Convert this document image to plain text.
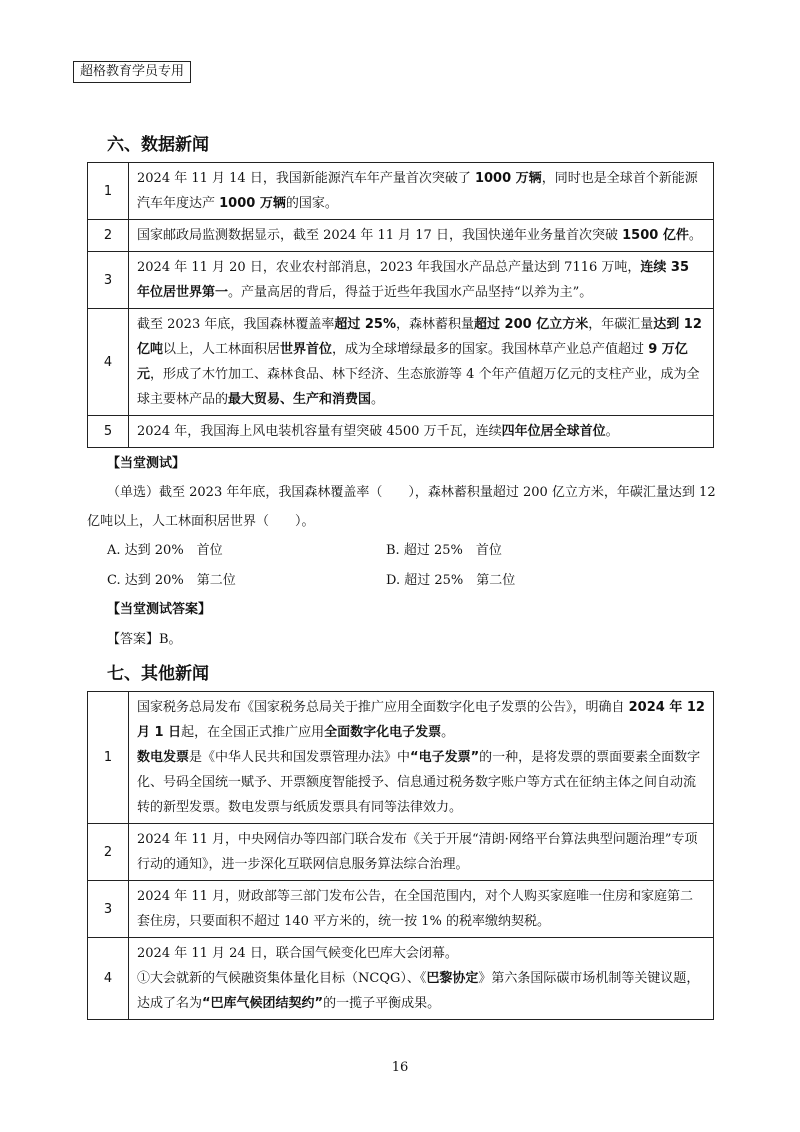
超格教育学员专用
六、数据新闻
1	2024 年 11 月 14 日，我国新能源汽车年产量首次突破了 1000 万辆，同时也是全球首个新能源汽车年度达产 1000 万辆的国家。

2	国家邮政局监测数据显示，截至 2024 年 11 月 17 日，我国快递年业务量首次突破 1500 亿件。

3	2024 年 11 月 20 日，农业农村部消息，2023 年我国水产品总产量达到 7116 万吨，连续 35 年位居世界第一。产量高居的背后，得益于近些年我国水产品坚持“以养为主”。

4	截至 2023 年底，我国森林覆盖率超过 25%，森林蓄积量超过 200 亿立方米，年碳汇量达到 12 亿吨以上，人工林面积居世界首位，成为全球增绿最多的国家。我国林草产业总产值超过 9 万亿元，形成了木竹加工、森林食品、林下经济、生态旅游等 4 个年产值超万亿元的支柱产业，成为全球主要林产品的最大贸易、生产和消费国。

5	2024 年，我国海上风电装机容量有望突破 4500 万千瓦，连续四年位居全球首位。

【当堂测试】
（单选）截至 2023 年年底，我国森林覆盖率（　　），森林蓄积量超过 200 亿立方米，年碳汇量达到 12
亿吨以上，人工林面积居世界（　　）。
A. 达到 20%　首位	B. 超过 25%　首位
C. 达到 20%　第二位	D. 超过 25%　第二位
【当堂测试答案】
【答案】B。
七、其他新闻
1	国家税务总局发布《国家税务总局关于推广应用全面数字化电子发票的公告》，明确自 2024 年 12 月 1 日起，在全国正式推广应用全面数字化电子发票。

数电发票是《中华人民共和国发票管理办法》中“电子发票”的一种，是将发票的票面要素全面数字化、号码全国统一赋予、开票额度智能授予、信息通过税务数字账户等方式在征纳主体之间自动流转的新型发票。数电发票与纸质发票具有同等法律效力。

2	2024 年 11 月，中央网信办等四部门联合发布《关于开展“清朗·网络平台算法典型问题治理”专项行动的通知》，进一步深化互联网信息服务算法综合治理。

3	2024 年 11 月，财政部等三部门发布公告，在全国范围内，对个人购买家庭唯一住房和家庭第二套住房，只要面积不超过 140 平方米的，统一按 1% 的税率缴纳契税。

4	2024 年 11 月 24 日，联合国气候变化巴库大会闭幕。

①大会就新的气候融资集体量化目标（NCQG）、《巴黎协定》第六条国际碳市场机制等关键议题，达成了名为“巴库气候团结契约”的一揽子平衡成果。

16
